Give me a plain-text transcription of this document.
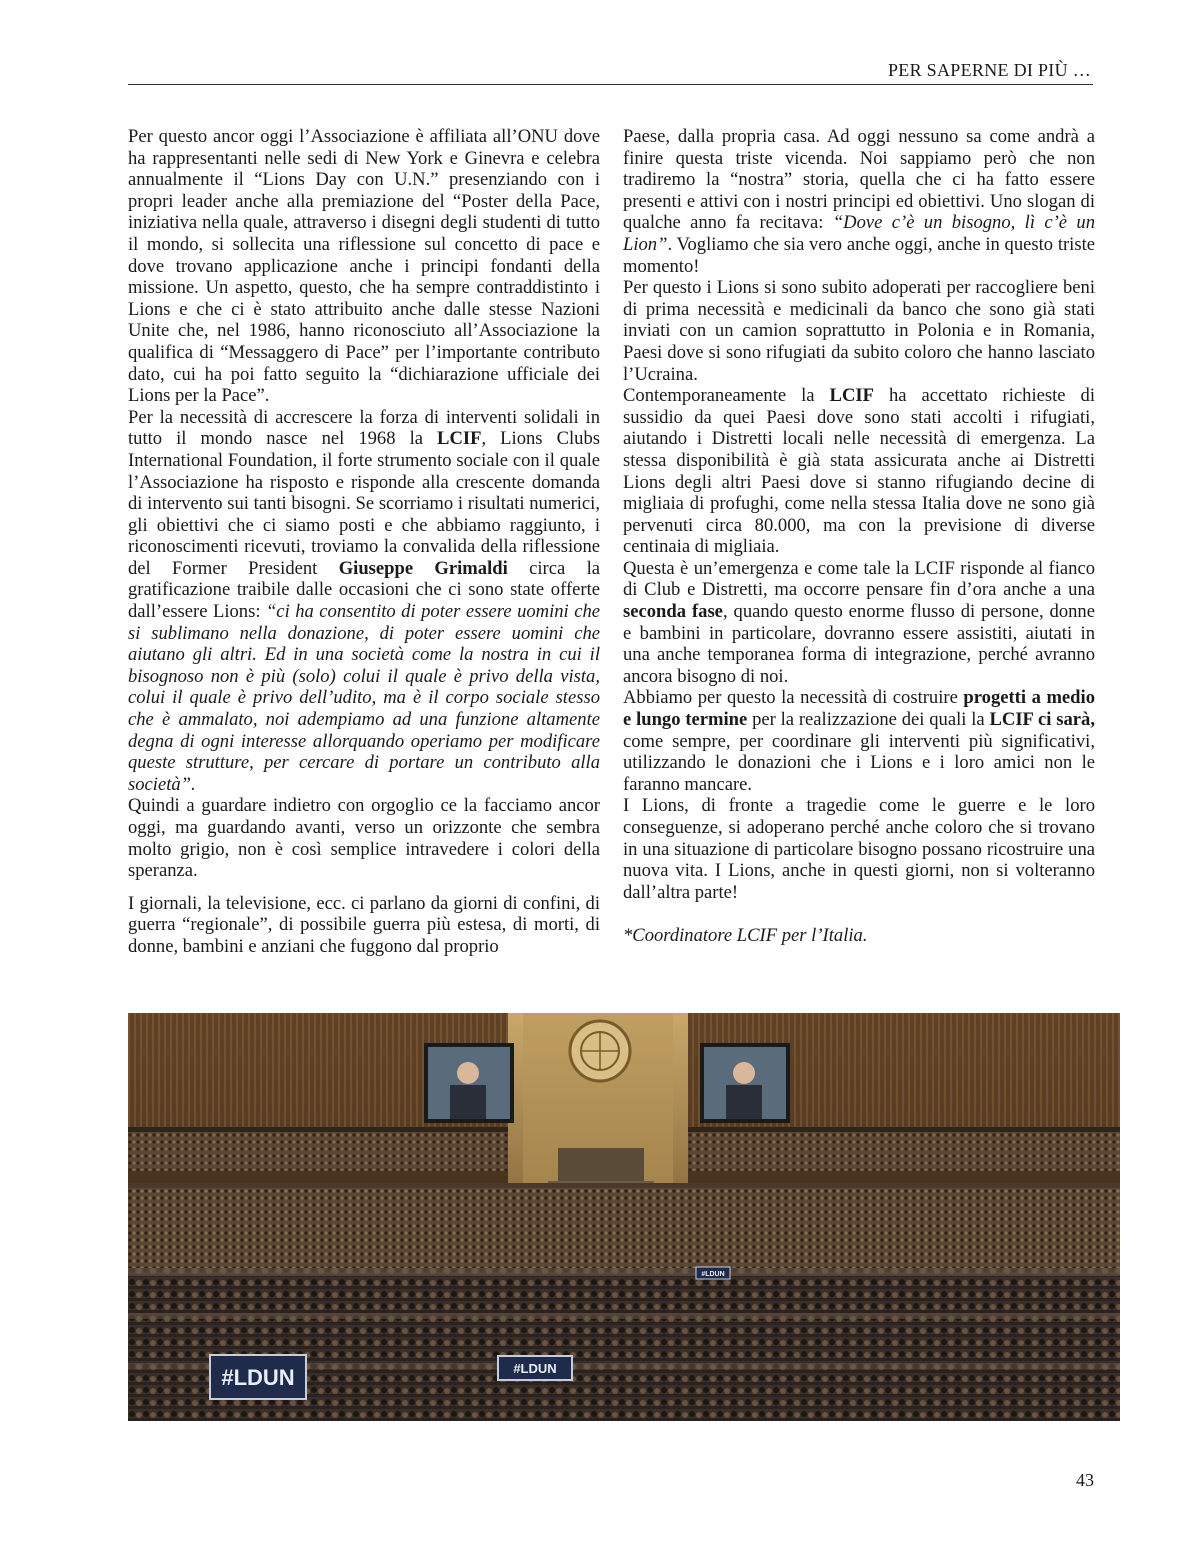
PER SAPERNE DI PIÙ …

Per questo ancor oggi l’Associazione è affiliata all’ONU dove ha rappresentanti nelle sedi di New York e Ginevra e celebra annualmente il “Lions Day con U.N.” presenziando con i propri leader anche alla premiazione del “Poster della Pace, iniziativa nella quale, attraverso i disegni degli studenti di tutto il mondo, si sollecita una riflessione sul concetto di pace e dove trovano applicazione anche i principi fondanti della missione. Un aspetto, questo, che ha sempre contraddistinto i Lions e che ci è stato attribuito anche dalle stesse Nazioni Unite che, nel 1986, hanno riconosciuto all’Associazione la qualifica di “Messaggero di Pace” per l’importante contributo dato, cui ha poi fatto seguito la “dichiarazione ufficiale dei Lions per la Pace”.

Per la necessità di accrescere la forza di interventi solidali in tutto il mondo nasce nel 1968 la LCIF, Lions Clubs International Foundation, il forte strumento sociale con il quale l’Associazione ha risposto e risponde alla crescente domanda di intervento sui tanti bisogni. Se scorriamo i risultati numerici, gli obiettivi che ci siamo posti e che abbiamo raggiunto, i riconoscimenti ricevuti, troviamo la convalida della riflessione del Former President Giuseppe Grimaldi circa la gratificazione traibile dalle occasioni che ci sono state offerte dall’essere Lions: “ci ha consentito di poter essere uomini che si sublimano nella donazione, di poter essere uomini che aiutano gli altri. Ed in una società come la nostra in cui il bisognoso non è più (solo) colui il quale è privo della vista, colui il quale è privo dell’udito, ma è il corpo sociale stesso che è ammalato, noi adempiamo ad una funzione altamente degna di ogni interesse allorquando operiamo per modificare queste strutture, per cercare di portare un contributo alla società”.

Quindi a guardare indietro con orgoglio ce la facciamo ancor oggi, ma guardando avanti, verso un orizzonte che sembra molto grigio, non è così semplice intravedere i colori della speranza.

I giornali, la televisione, ecc. ci parlano da giorni di confini, di guerra “regionale”, di possibile guerra più estesa, di morti, di donne, bambini e anziani che fuggono dal proprio

Paese, dalla propria casa. Ad oggi nessuno sa come andrà a finire questa triste vicenda. Noi sappiamo però che non tradiremo la “nostra” storia, quella che ci ha fatto essere presenti e attivi con i nostri principi ed obiettivi. Uno slogan di qualche anno fa recitava: “Dove c’è un bisogno, lì c’è un Lion”. Vogliamo che sia vero anche oggi, anche in questo triste momento!

Per questo i Lions si sono subito adoperati per raccogliere beni di prima necessità e medicinali da banco che sono già stati inviati con un camion soprattutto in Polonia e in Romania, Paesi dove si sono rifugiati da subito coloro che hanno lasciato l’Ucraina.

Contemporaneamente la LCIF ha accettato richieste di sussidio da quei Paesi dove sono stati accolti i rifugiati, aiutando i Distretti locali nelle necessità di emergenza. La stessa disponibilità è già stata assicurata anche ai Distretti Lions degli altri Paesi dove si stanno rifugiando decine di migliaia di profughi, come nella stessa Italia dove ne sono già pervenuti circa 80.000, ma con la previsione di diverse centinaia di migliaia.

Questa è un’emergenza e come tale la LCIF risponde al fianco di Club e Distretti, ma occorre pensare fin d’ora anche a una seconda fase, quando questo enorme flusso di persone, donne e bambini in particolare, dovranno essere assistiti, aiutati in una anche temporanea forma di integrazione, perché avranno ancora bisogno di noi.

Abbiamo per questo la necessità di costruire progetti a medio e lungo termine per la realizzazione dei quali la LCIF ci sarà, come sempre, per coordinare gli interventi più significativi, utilizzando le donazioni che i Lions e i loro amici non le faranno mancare.

I Lions, di fronte a tragedie come le guerre e le loro conseguenze, si adoperano perché anche coloro che si trovano in una situazione di particolare bisogno possano ricostruire una nuova vita. I Lions, anche in questi giorni, non si volteranno dall’altra parte!

*Coordinatore LCIF per l’Italia.

#LDUN	#LDUN
#LDUN
43
